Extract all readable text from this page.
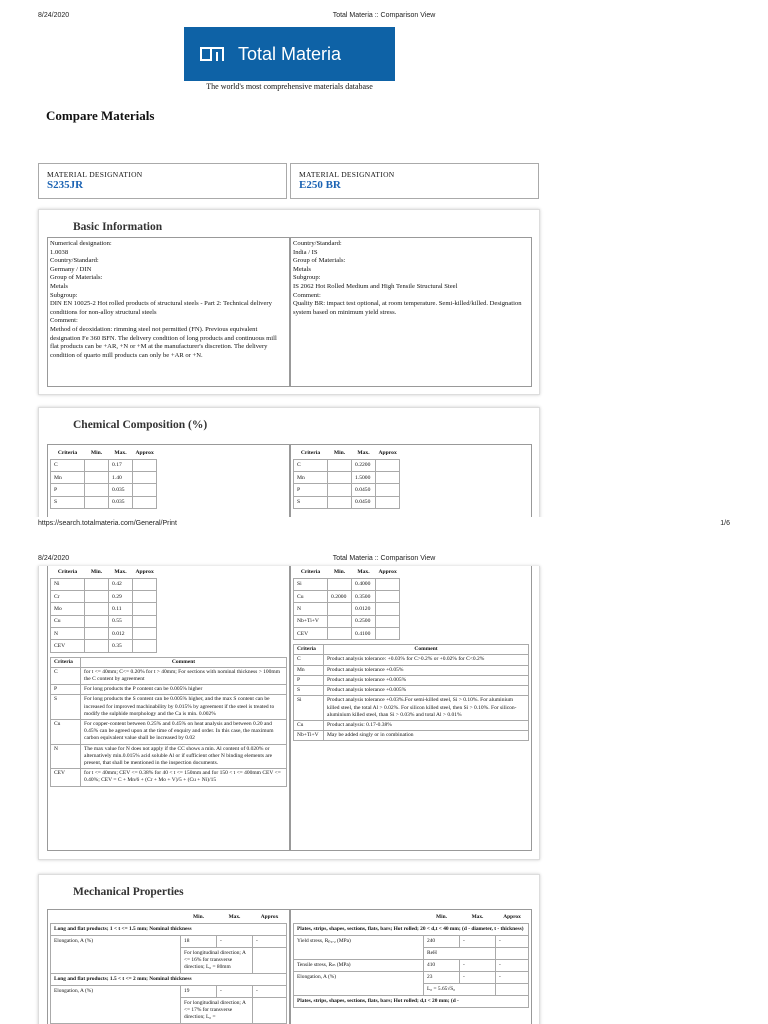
8/24/2020	Total Materia :: Comparison View
Total Materia
The world's most comprehensive materials database
Compare Materials
MATERIAL DESIGNATION
S235JR
MATERIAL DESIGNATION
E250 BR
Basic Information
Numerical designation:
1.0038
Country/Standard:
Germany / DIN
Group of Materials:
Metals
Subgroup:
DIN EN 10025-2 Hot rolled products of structural steels - Part 2: Technical delivery conditions for non-alloy structural steels
Comment:
Method of deoxidation: rimming steel not permitted (FN). Previous equivalent designation Fe 360 BFN. The delivery condition of long products and continuous mill flat products can be +AR, +N or +M at the manufacturer's discretion. The delivery condition of quarto mill products can only be +AR or +N.
Country/Standard:
India / IS
Group of Materials:
Metals
Subgroup:
IS 2062 Hot Rolled Medium and High Tensile Structural Steel
Comment:
Quality BR: impact test optional, at room temperature. Semi-killed/killed. Designation system based on minimum yield stress.
Chemical Composition (%)
Criteria	Min.	Max.	Approx
C		0.17	
Mn		1.40	
P		0.035	
S		0.035	
Criteria	Min.	Max.	Approx
C		0.2200	
Mn		1.5000	
P		0.0450	
S		0.0450	
https://search.totalmateria.com/General/Print	1/6
8/24/2020	Total Materia :: Comparison View
Criteria	Min.	Max.	Approx
Ni		0.42	
Cr		0.29	
Mo		0.11	
Cu		0.55	
N		0.012	
CEV		0.35	
Criteria	Comment
C	for t <= 40mm; C<= 0.20% for t > 40mm; For sections with nominal thickness > 100mm the C content by agreement
P	For long products the P content can be 0.005% higher
S	For long products the S content can be 0.005% higher, and the max S content can be increased for improved machinability by 0.015% by agreement if the steel is treated to modify the sulphide morphology and the Ca is min. 0.002%
Cu	For copper-content between 0.25% and 0.45% on heat analysis and between 0.20 and 0.45% can be agreed upon at the time of enquiry and order. In this case, the maximum carbon equivalent value shall be increased by 0.02
N	The max value for N does not apply if the CC shows a min. Al content of 0.020% or alternatively min.0.015% acid soluble Al or if sufficient other N binding elements are present, that shall be mentioned in the inspection documents.
CEV	for t <= 40mm; CEV <= 0.38% for 40 < t <= 150mm and for 150 < t <= 400mm CEV <= 0.40%; CEV = C + Mn/6 + (Cr + Mo + V)/5 + (Cu + Ni)/15
Criteria	Min.	Max.	Approx
Si		0.4000	
Cu	0.2000	0.3500	
N		0.0120	
Nb+Ti+V		0.2500	
CEV		0.4100	
Criteria	Comment
C	Product analysis tolerance: +0.03% for C>0.2% or +0.02% for C<0.2%
Mn	Product analysis tolerance +0.05%
P	Product analysis tolerance +0.005%
S	Product analysis tolerance +0.005%
Si	Product analysis tolerance +0.03%.For semi-killed steel, Si > 0.10%. For aluminium killed steel, the total Al > 0.02%. For silicon killed steel, then Si > 0.10%. For silicon-aluminium killed steel, than Si > 0.03% and total Al > 0.01%
Cu	Product analysis: 0.17-0.38%
Nb+Ti+V	May be added singly or in combination
Mechanical Properties
	Min.	Max.	Approx
Long and flat products; 1 < t <= 1.5 mm; Nominal thickness			
Elongation, A (%)	18	-	-
	For longitudinal direction; A <= 16% for transverse direction; L₀ = 80mm		
Long and flat products; 1.5 < t <= 2 mm; Nominal thickness			
Elongation, A (%)	19	-	-
	For longitudinal direction; A <= 17% for transverse direction; L₀ =		
	Min.	Max.	Approx
Plates, strips, shapes, sections, flats, bars; Hot rolled; 20 < d,t < 40 mm; (d - diameter, t - thickness)			
Yield stress, Rₚ₀.₂ (MPa)	240	-	-
	ReH		
Tensile stress, Rₘ (MPa)	410	-	-
Elongation, A (%)	23	-	-
	L₀ = 5.65√S₀		
Plates, strips, shapes, sections, flats, bars; Hot rolled; d,t < 20 mm; (d -			
